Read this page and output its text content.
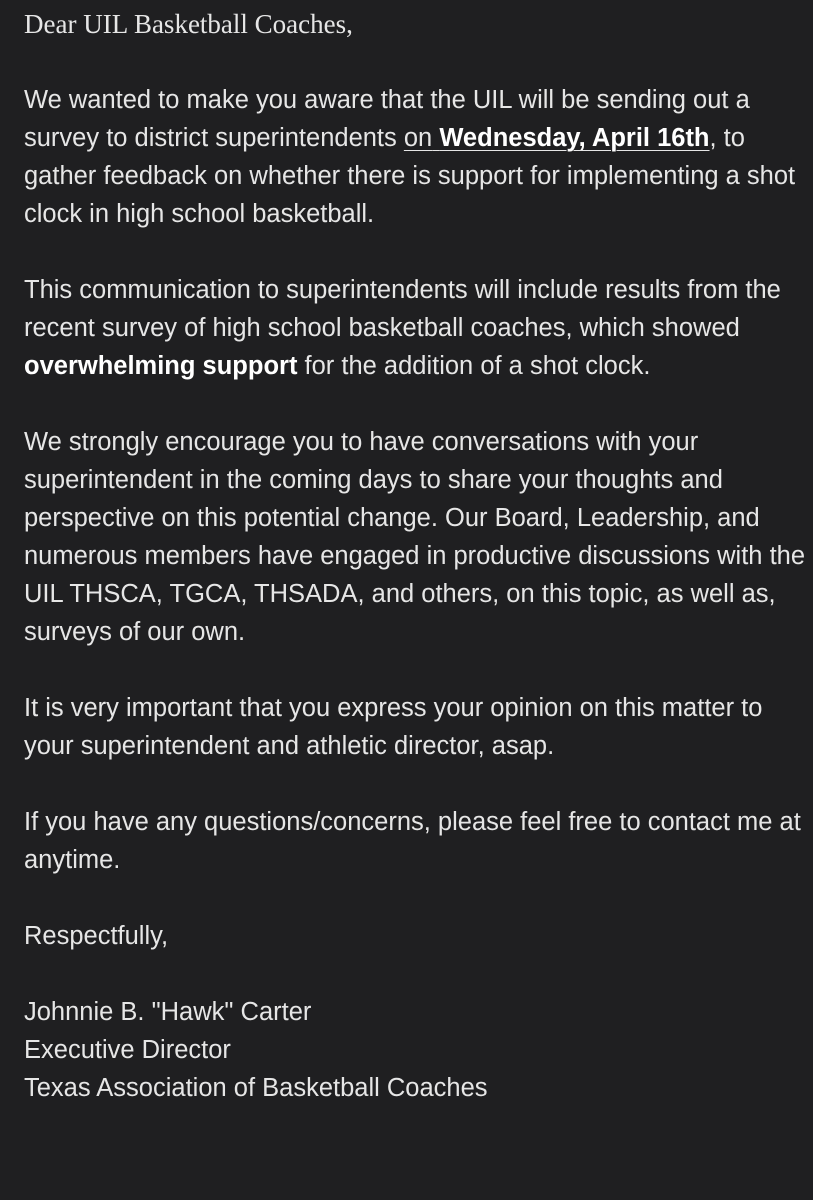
Dear UIL Basketball Coaches,

We wanted to make you aware that the UIL will be sending out a survey to district superintendents on Wednesday, April 16th, to gather feedback on whether there is support for implementing a shot clock in high school basketball.

This communication to superintendents will include results from the recent survey of high school basketball coaches, which showed overwhelming support for the addition of a shot clock.

We strongly encourage you to have conversations with your superintendent in the coming days to share your thoughts and perspective on this potential change. Our Board, Leadership, and numerous members have engaged in productive discussions with the UIL THSCA, TGCA, THSADA, and others, on this topic, as well as, surveys of our own.

It is very important that you express your opinion on this matter to your superintendent and athletic director, asap.

If you have any questions/concerns, please feel free to contact me at anytime.

Respectfully,

Johnnie B. "Hawk" Carter

Executive Director

Texas Association of Basketball Coaches
